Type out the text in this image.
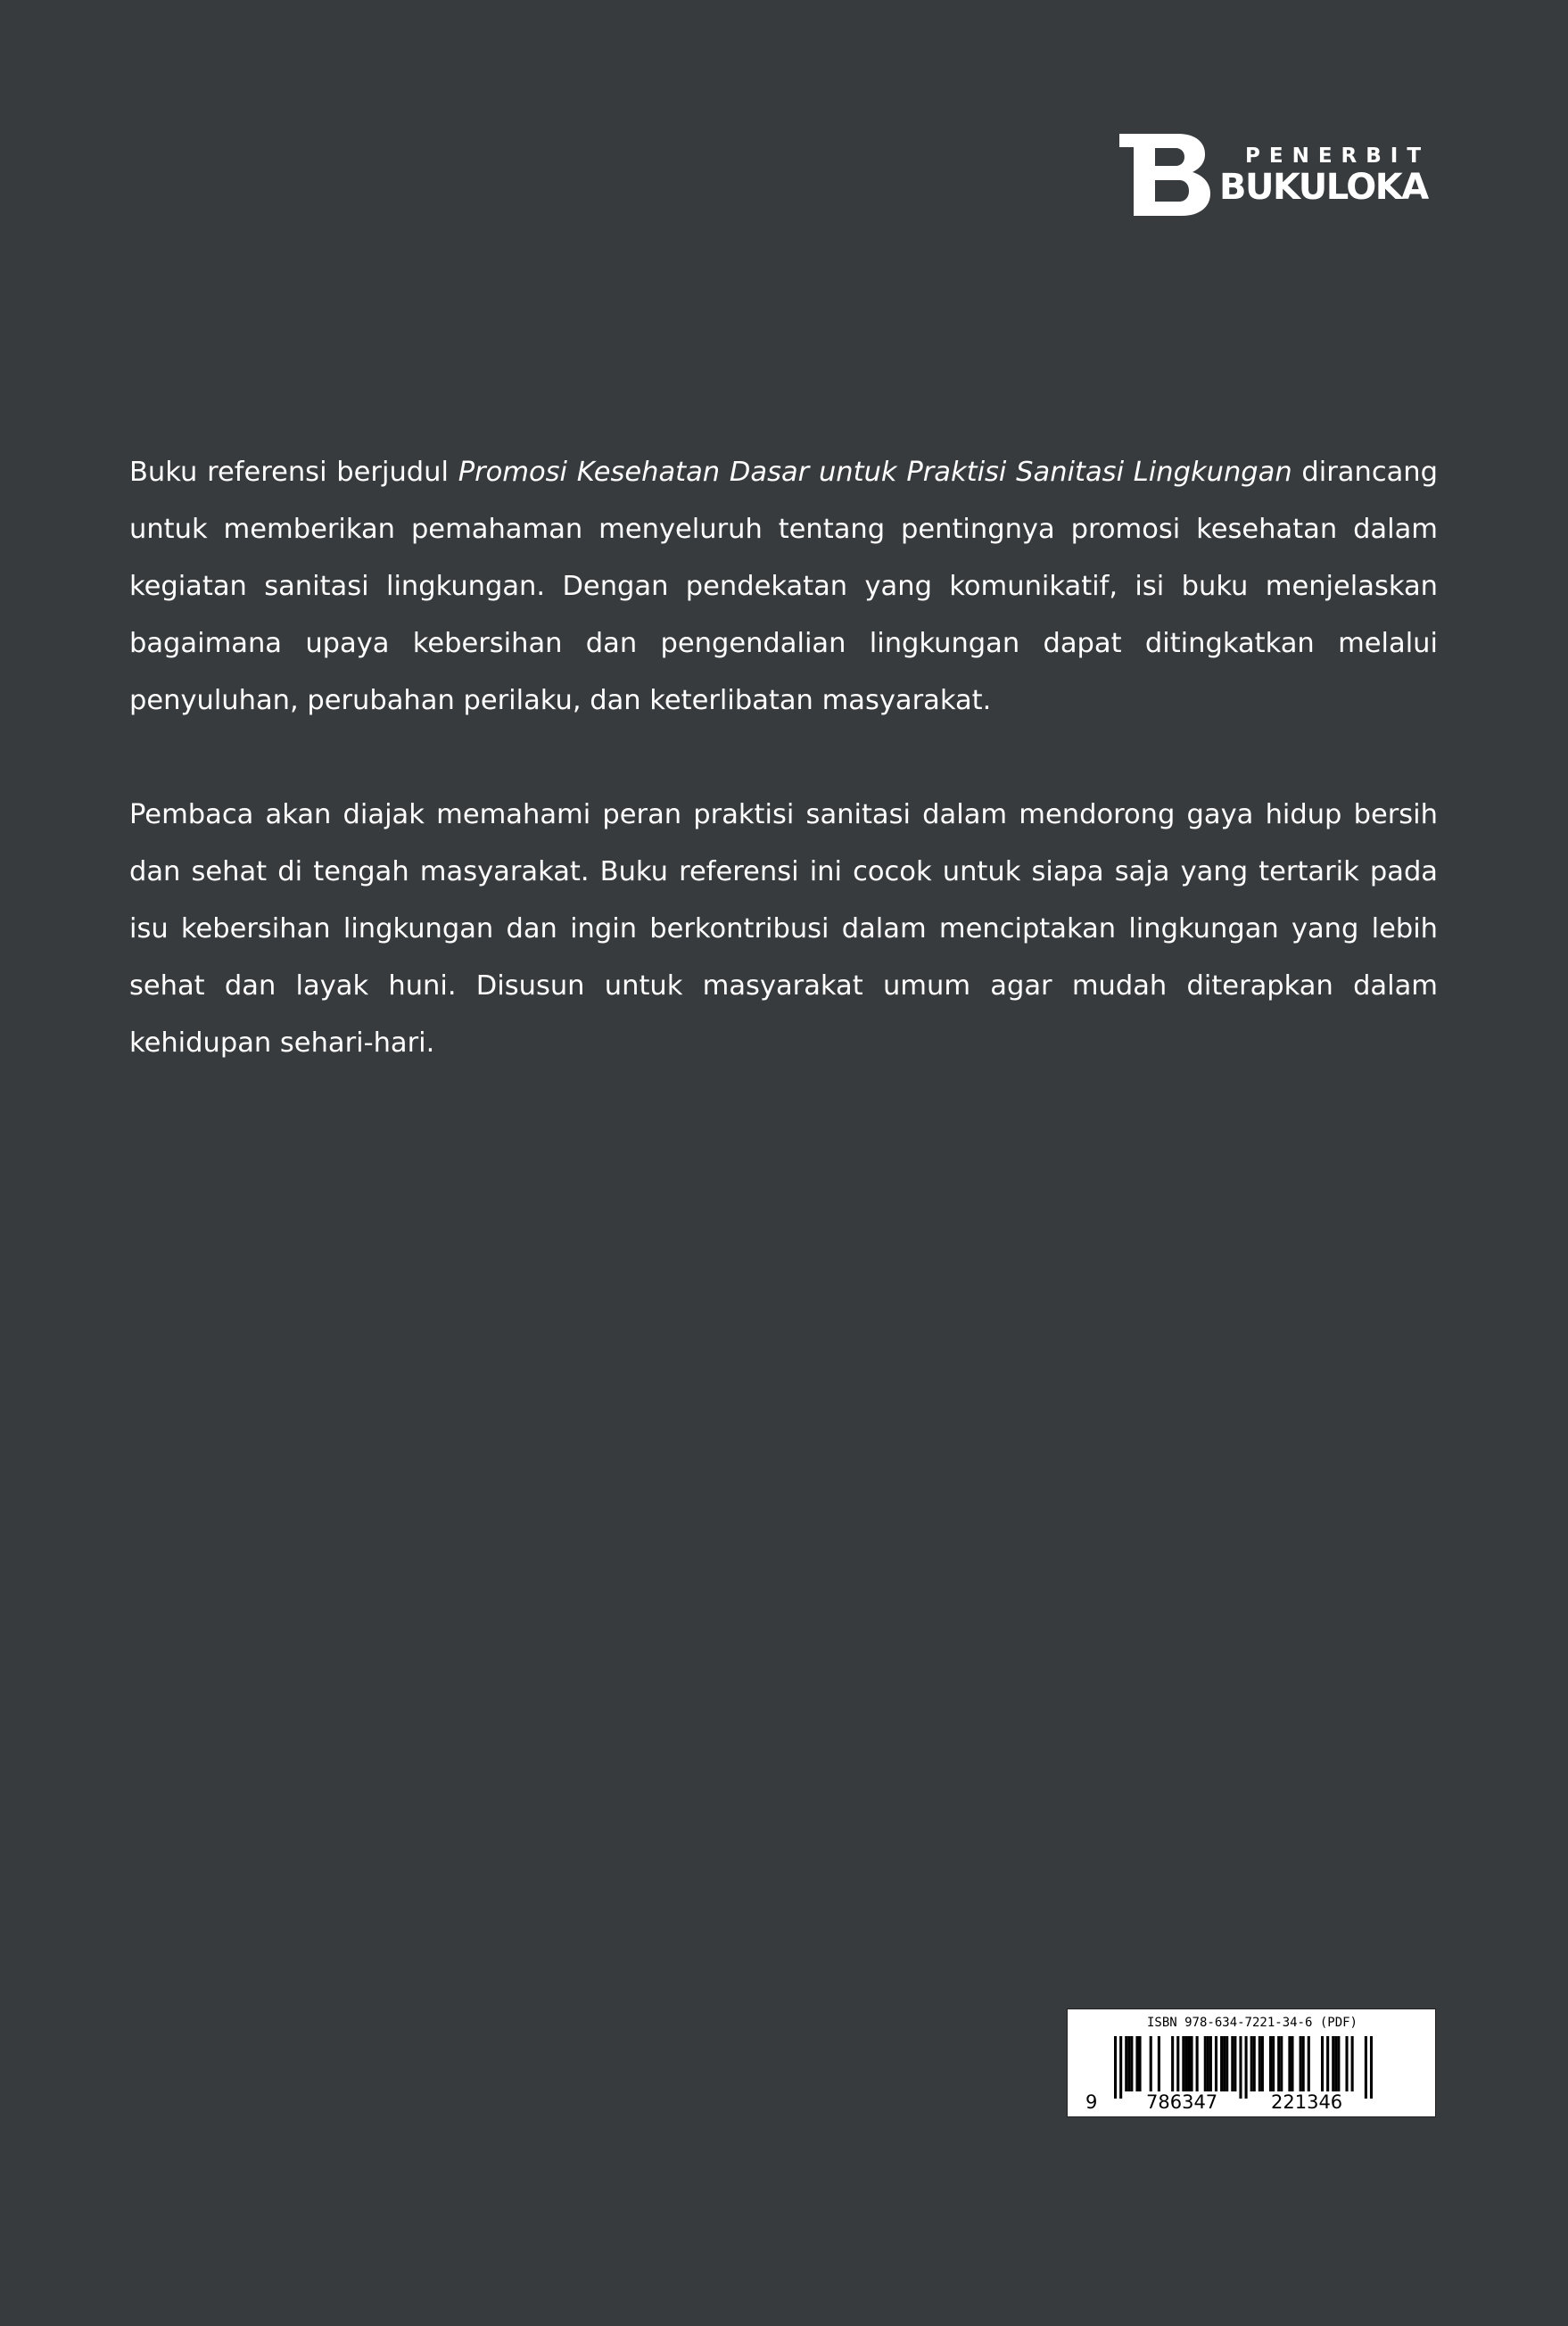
PENERBIT
BUKULOKA

Buku referensi berjudul Promosi Kesehatan Dasar untuk Praktisi Sanitasi Lingkungan dirancang untuk memberikan pemahaman menyeluruh tentang pentingnya promosi kesehatan dalam kegiatan sanitasi lingkungan. Dengan pendekatan yang komunikatif, isi buku menjelaskan bagaimana upaya kebersihan dan pengendalian lingkungan dapat ditingkatkan melalui penyuluhan, perubahan perilaku, dan keterlibatan masyarakat.

Pembaca akan diajak memahami peran praktisi sanitasi dalam mendorong gaya hidup bersih dan sehat di tengah masyarakat. Buku referensi ini cocok untuk siapa saja yang tertarik pada isu kebersihan lingkungan dan ingin berkontribusi dalam menciptakan lingkungan yang lebih sehat dan layak huni. Disusun untuk masyarakat umum agar mudah diterapkan dalam kehidupan sehari-hari.

ISBN 978-634-7221-34-6 (PDF)
9	786347	221346
